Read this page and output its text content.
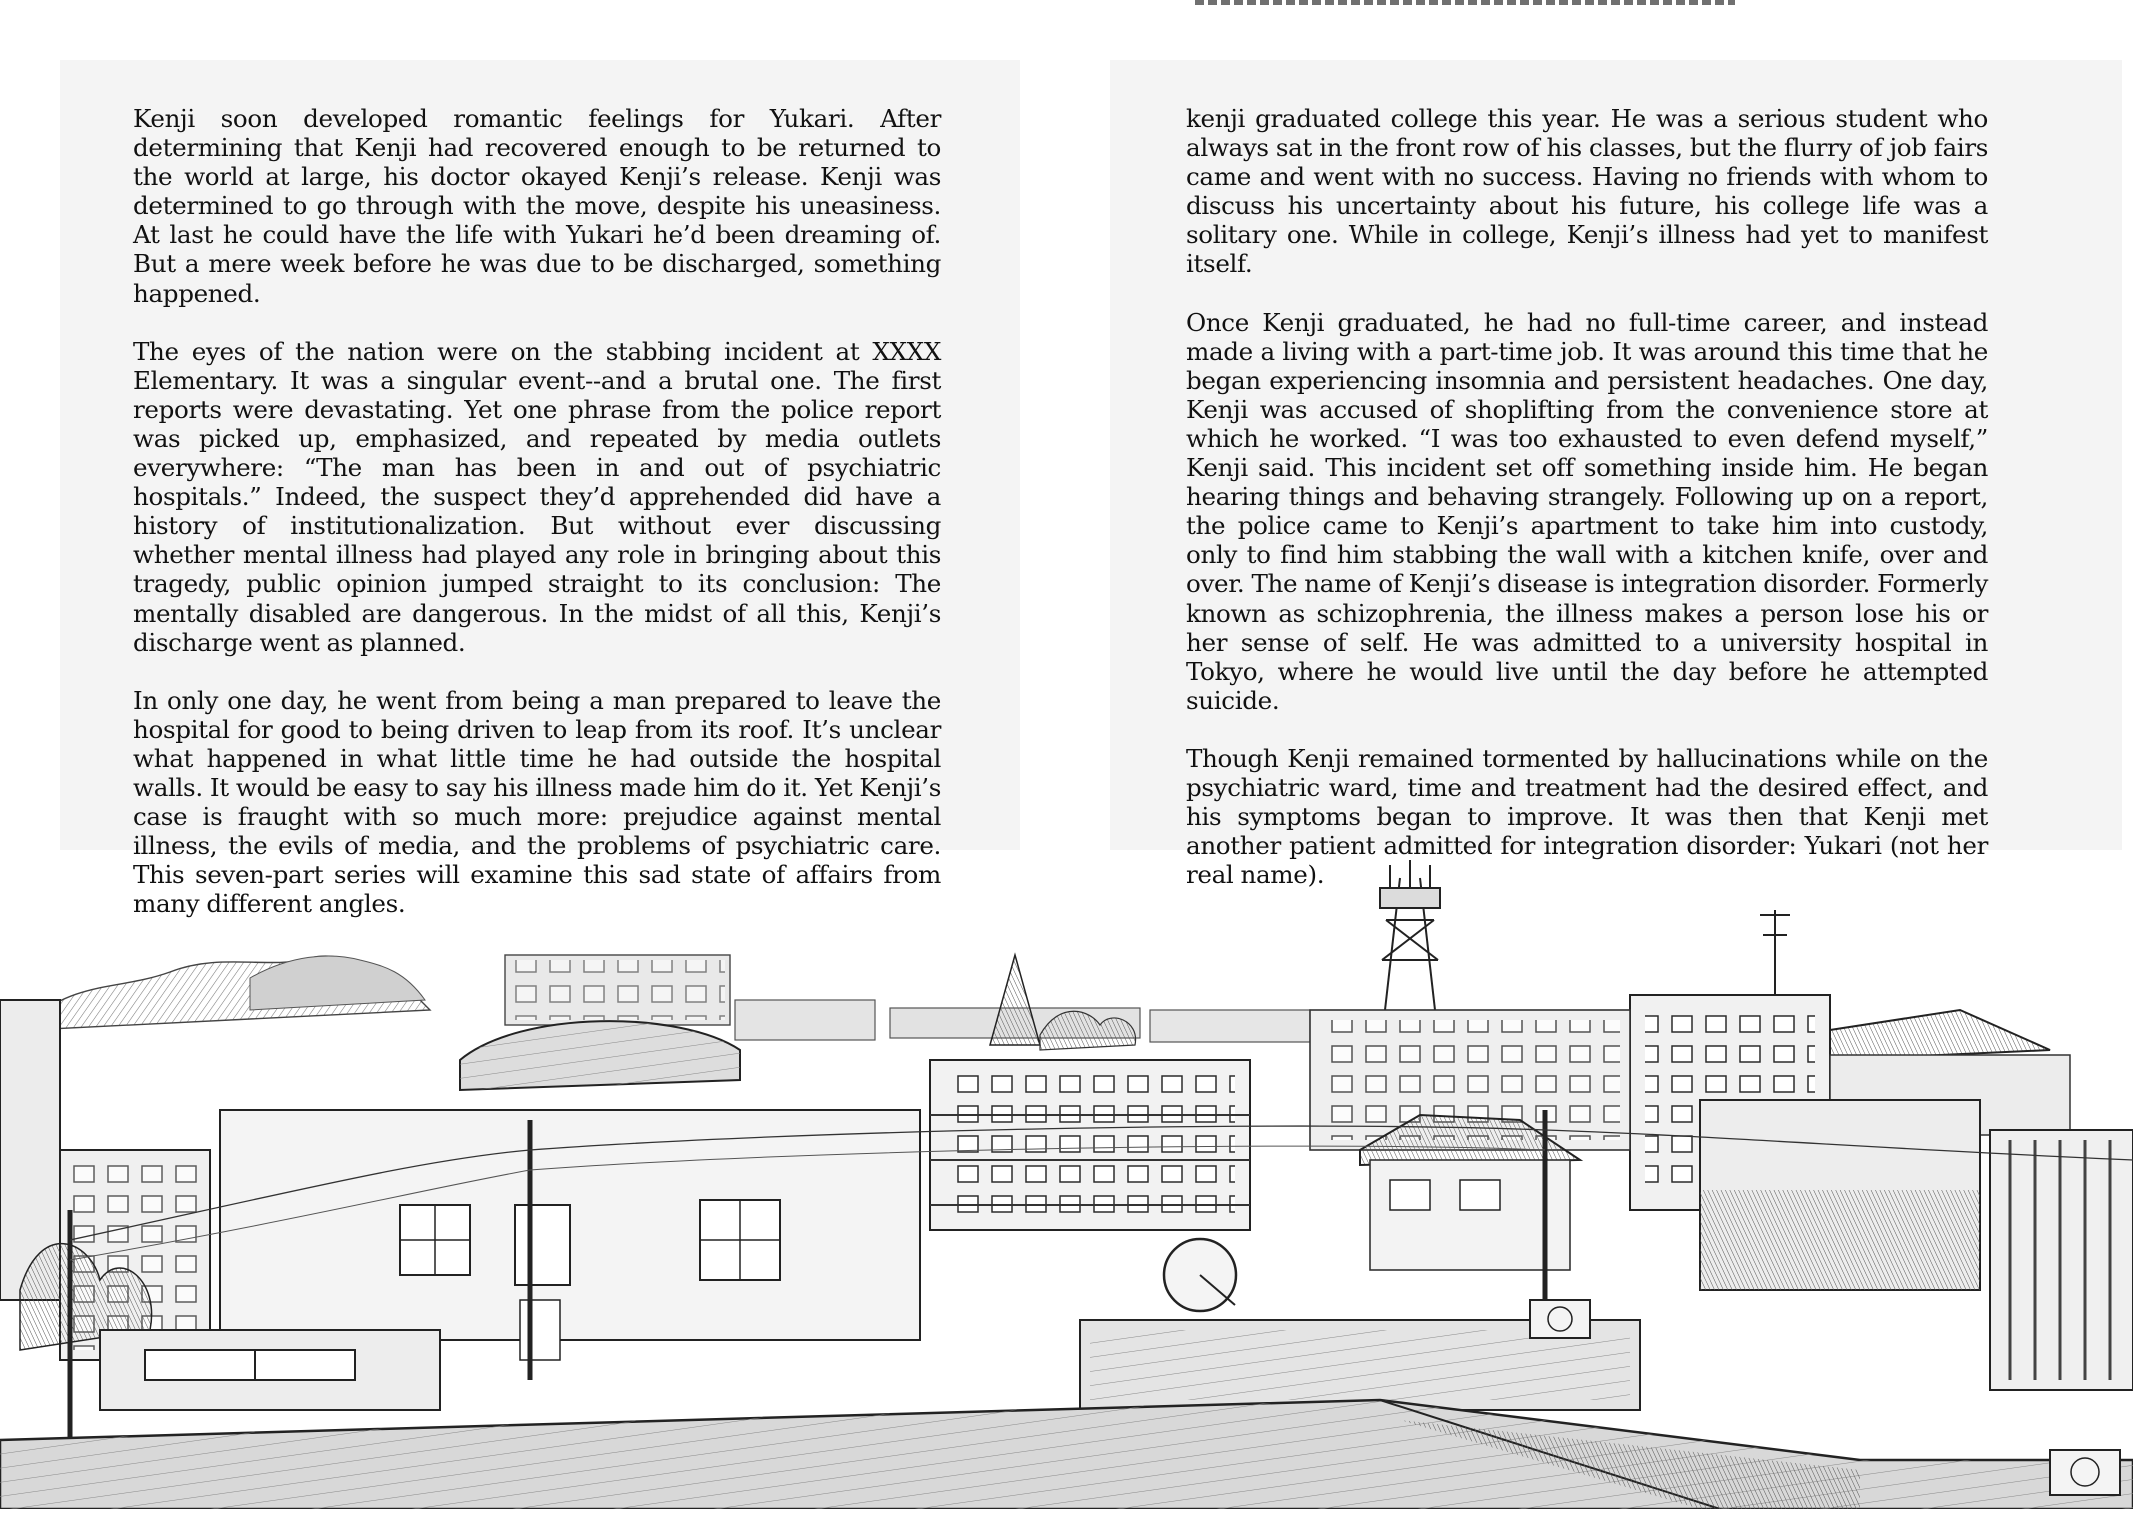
Kenji soon developed romantic feelings for Yukari. After determining that Kenji had recovered enough to be returned to the world at large, his doctor okayed Kenji’s release. Kenji was determined to go through with the move, despite his uneasiness. At last he could have the life with Yukari he’d been dreaming of. But a mere week before he was due to be discharged, something happened.

The eyes of the nation were on the stabbing incident at XXXX Elementary. It was a singular event--and a brutal one. The first reports were devastating. Yet one phrase from the police report was picked up, emphasized, and repeated by media outlets everywhere: “The man has been in and out of psychiatric hospitals.” Indeed, the suspect they’d apprehended did have a history of institutionalization. But without ever discussing whether mental illness had played any role in bringing about this tragedy, public opinion jumped straight to its conclusion: The mentally disabled are dangerous. In the midst of all this, Kenji’s discharge went as planned.

In only one day, he went from being a man prepared to leave the hospital for good to being driven to leap from its roof. It’s unclear what happened in what little time he had outside the hospital walls. It would be easy to say his illness made him do it. Yet Kenji’s case is fraught with so much more: prejudice against mental illness, the evils of media, and the problems of psychiatric care. This seven-part series will examine this sad state of affairs from many different angles.

kenji graduated college this year. He was a serious student who always sat in the front row of his classes, but the flurry of job fairs came and went with no success. Having no friends with whom to discuss his uncertainty about his future, his college life was a solitary one. While in college, Kenji’s illness had yet to manifest itself.

Once Kenji graduated, he had no full-time career, and instead made a living with a part-time job. It was around this time that he began experiencing insomnia and persistent headaches. One day, Kenji was accused of shoplifting from the convenience store at which he worked. “I was too exhausted to even defend myself,” Kenji said. This incident set off something inside him. He began hearing things and behaving strangely. Following up on a report, the police came to Kenji’s apartment to take him into custody, only to find him stabbing the wall with a kitchen knife, over and over. The name of Kenji’s disease is integration disorder. Formerly known as schizophrenia, the illness makes a person lose his or her sense of self. He was admitted to a university hospital in Tokyo, where he would live until the day before he attempted suicide.

Though Kenji remained tormented by hallucinations while on the psychiatric ward, time and treatment had the desired effect, and his symptoms began to improve. It was then that Kenji met another patient admitted for integration disorder: Yukari (not her real name).
